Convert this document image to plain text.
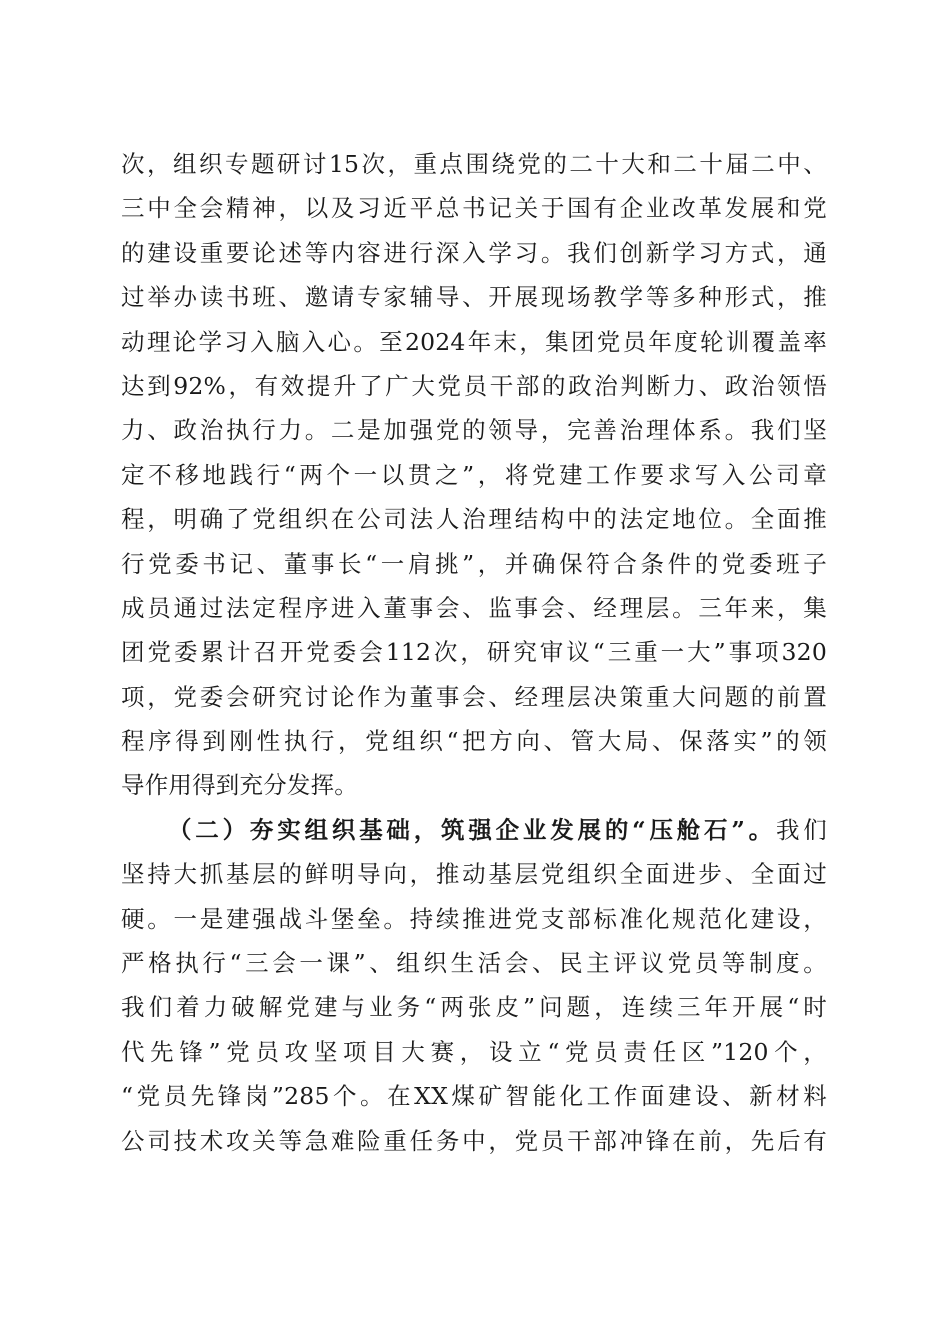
次，组织专题研讨15次，重点围绕党的二十大和二十届二中、
三中全会精神，以及习近平总书记关于国有企业改革发展和党
的建设重要论述等内容进行深入学习。我们创新学习方式，通
过举办读书班、邀请专家辅导、开展现场教学等多种形式，推
动理论学习入脑入心。至2024年末，集团党员年度轮训覆盖率
达到92%，有效提升了广大党员干部的政治判断力、政治领悟
力、政治执行力。二是加强党的领导，完善治理体系。我们坚
定不移地践行“两个一以贯之”，将党建工作要求写入公司章
程，明确了党组织在公司法人治理结构中的法定地位。全面推
行党委书记、董事长“一肩挑”，并确保符合条件的党委班子
成员通过法定程序进入董事会、监事会、经理层。三年来，集
团党委累计召开党委会112次，研究审议“三重一大”事项320
项，党委会研究讨论作为董事会、经理层决策重大问题的前置
程序得到刚性执行，党组织“把方向、管大局、保落实”的领
导作用得到充分发挥。
（二）夯实组织基础，筑强企业发展的“压舱石”。我们
坚持大抓基层的鲜明导向，推动基层党组织全面进步、全面过
硬。一是建强战斗堡垒。持续推进党支部标准化规范化建设，
严格执行“三会一课”、组织生活会、民主评议党员等制度。
我们着力破解党建与业务“两张皮”问题，连续三年开展“时
代先锋”党员攻坚项目大赛，设立“党员责任区”120个，
“党员先锋岗”285个。在XX煤矿智能化工作面建设、新材料
公司技术攻关等急难险重任务中，党员干部冲锋在前，先后有
